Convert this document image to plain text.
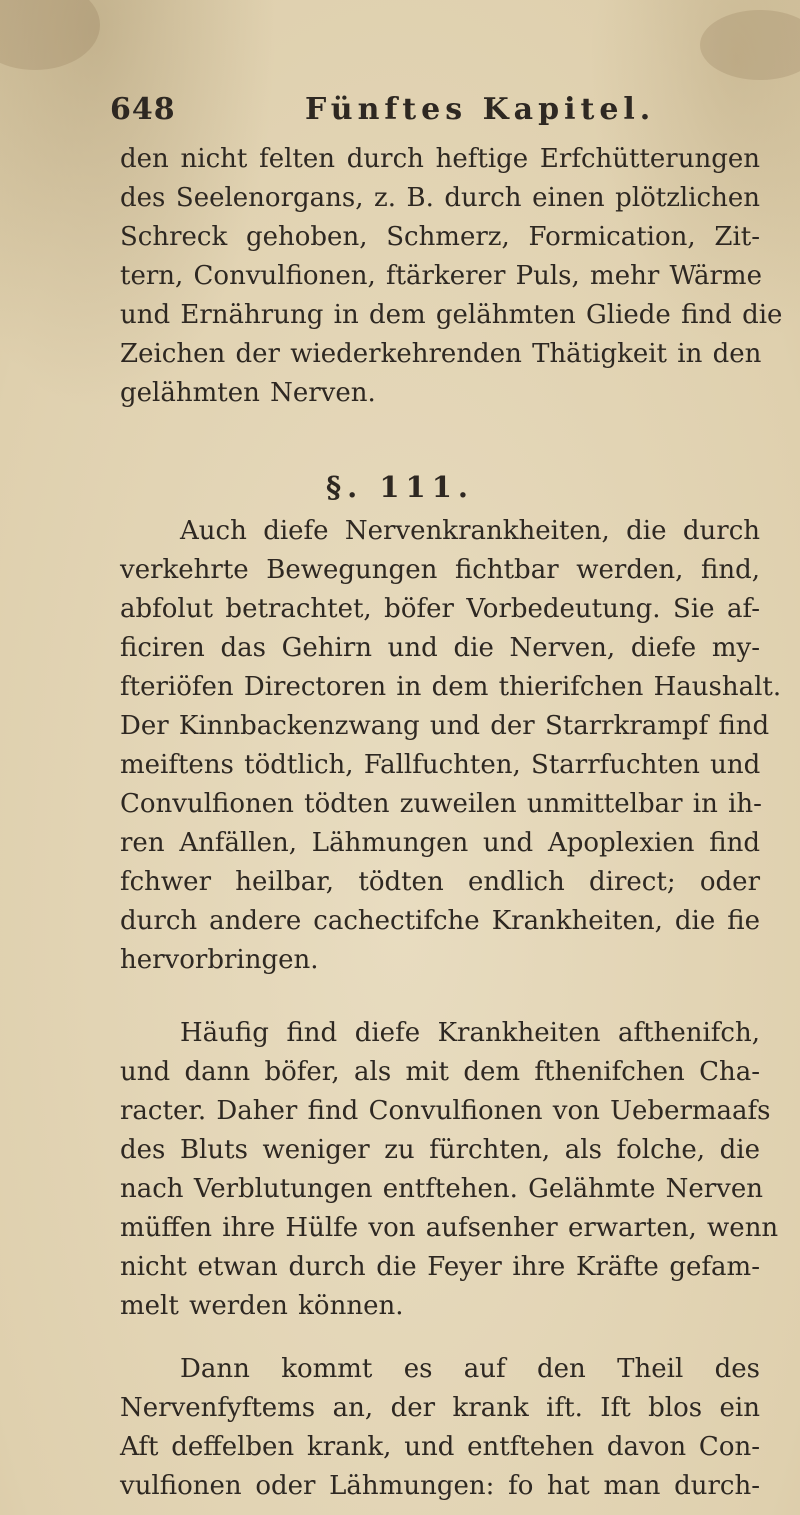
648	Fünftes Kapitel.
den nicht felten durch heftige Erfchütterungen
des Seelenorgans, z. B. durch einen plötzlichen
Schreck gehoben, Schmerz, Formication, Zit-
tern, Convulfionen, ftärkerer Puls, mehr Wärme
und Ernährung in dem gelähmten Gliede find die
Zeichen der wiederkehrenden Thätigkeit in den
gelähmten Nerven.
§. 111.
Auch diefe Nervenkrankheiten, die durch
verkehrte Bewegungen fichtbar werden, find,
abfolut betrachtet, böfer Vorbedeutung. Sie af-
ficiren das Gehirn und die Nerven, diefe my-
fteriöfen Directoren in dem thierifchen Haushalt.
Der Kinnbackenzwang und der Starrkrampf find
meiftens tödtlich, Fallfuchten, Starrfuchten und
Convulfionen tödten zuweilen unmittelbar in ih-
ren Anfällen, Lähmungen und Apoplexien find
fchwer heilbar, tödten endlich direct; oder
durch andere cachectifche Krankheiten, die fie
hervorbringen.
Häufig find diefe Krankheiten afthenifch,
und dann böfer, als mit dem fthenifchen Cha-
racter. Daher find Convulfionen von Uebermaafs
des Bluts weniger zu fürchten, als folche, die
nach Verblutungen entftehen. Gelähmte Nerven
müffen ihre Hülfe von aufsenher erwarten, wenn
nicht etwan durch die Feyer ihre Kräfte gefam-
melt werden können.
Dann kommt es auf den Theil des
Nervenfyftems an, der krank ift. Ift blos ein
Aft deffelben krank, und entftehen davon Con-
vulfionen oder Lähmungen: fo hat man durch-
